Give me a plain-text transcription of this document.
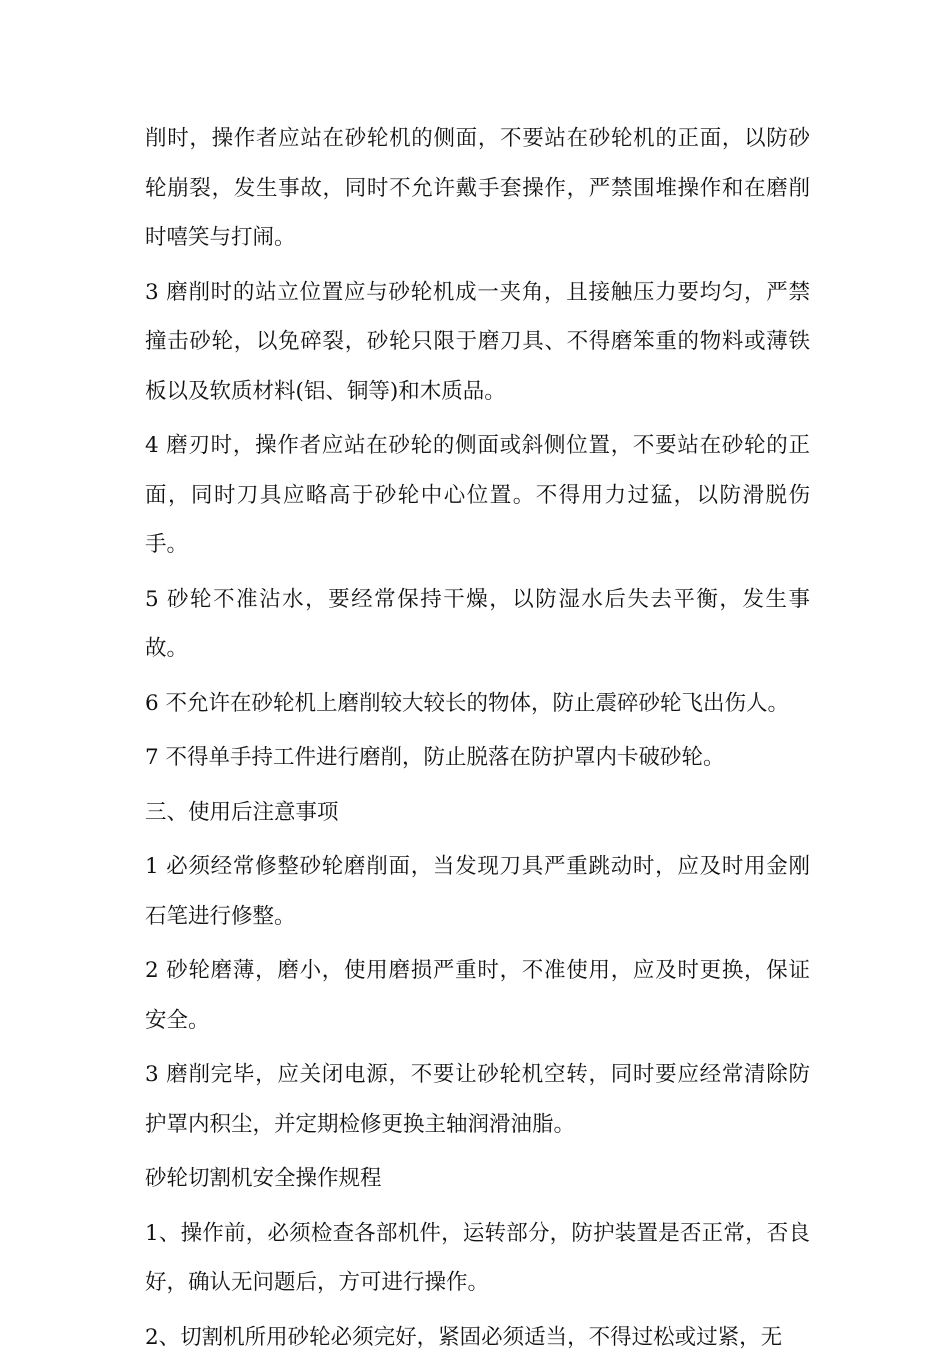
削时，操作者应站在砂轮机的侧面，不要站在砂轮机的正面，以防砂轮崩裂，发生事故，同时不允许戴手套操作，严禁围堆操作和在磨削时嘻笑与打闹。

3 磨削时的站立位置应与砂轮机成一夹角，且接触压力要均匀，严禁撞击砂轮，以免碎裂，砂轮只限于磨刀具、不得磨笨重的物料或薄铁板以及软质材料(铝、铜等)和木质品。

4 磨刃时，操作者应站在砂轮的侧面或斜侧位置，不要站在砂轮的正面，同时刀具应略高于砂轮中心位置。不得用力过猛，以防滑脱伤手。

5 砂轮不准沾水，要经常保持干燥，以防湿水后失去平衡，发生事故。

6 不允许在砂轮机上磨削较大较长的物体，防止震碎砂轮飞出伤人。

7 不得单手持工件进行磨削，防止脱落在防护罩内卡破砂轮。

三、使用后注意事项

1 必须经常修整砂轮磨削面，当发现刀具严重跳动时，应及时用金刚石笔进行修整。

2 砂轮磨薄，磨小，使用磨损严重时，不准使用，应及时更换，保证安全。

3 磨削完毕，应关闭电源，不要让砂轮机空转，同时要应经常清除防护罩内积尘，并定期检修更换主轴润滑油脂。

砂轮切割机安全操作规程

1、操作前，必须检查各部机件，运转部分，防护装置是否正常，否良好，确认无问题后，方可进行操作。

2、切割机所用砂轮必须完好，紧固必须适当，不得过松或过紧，无
